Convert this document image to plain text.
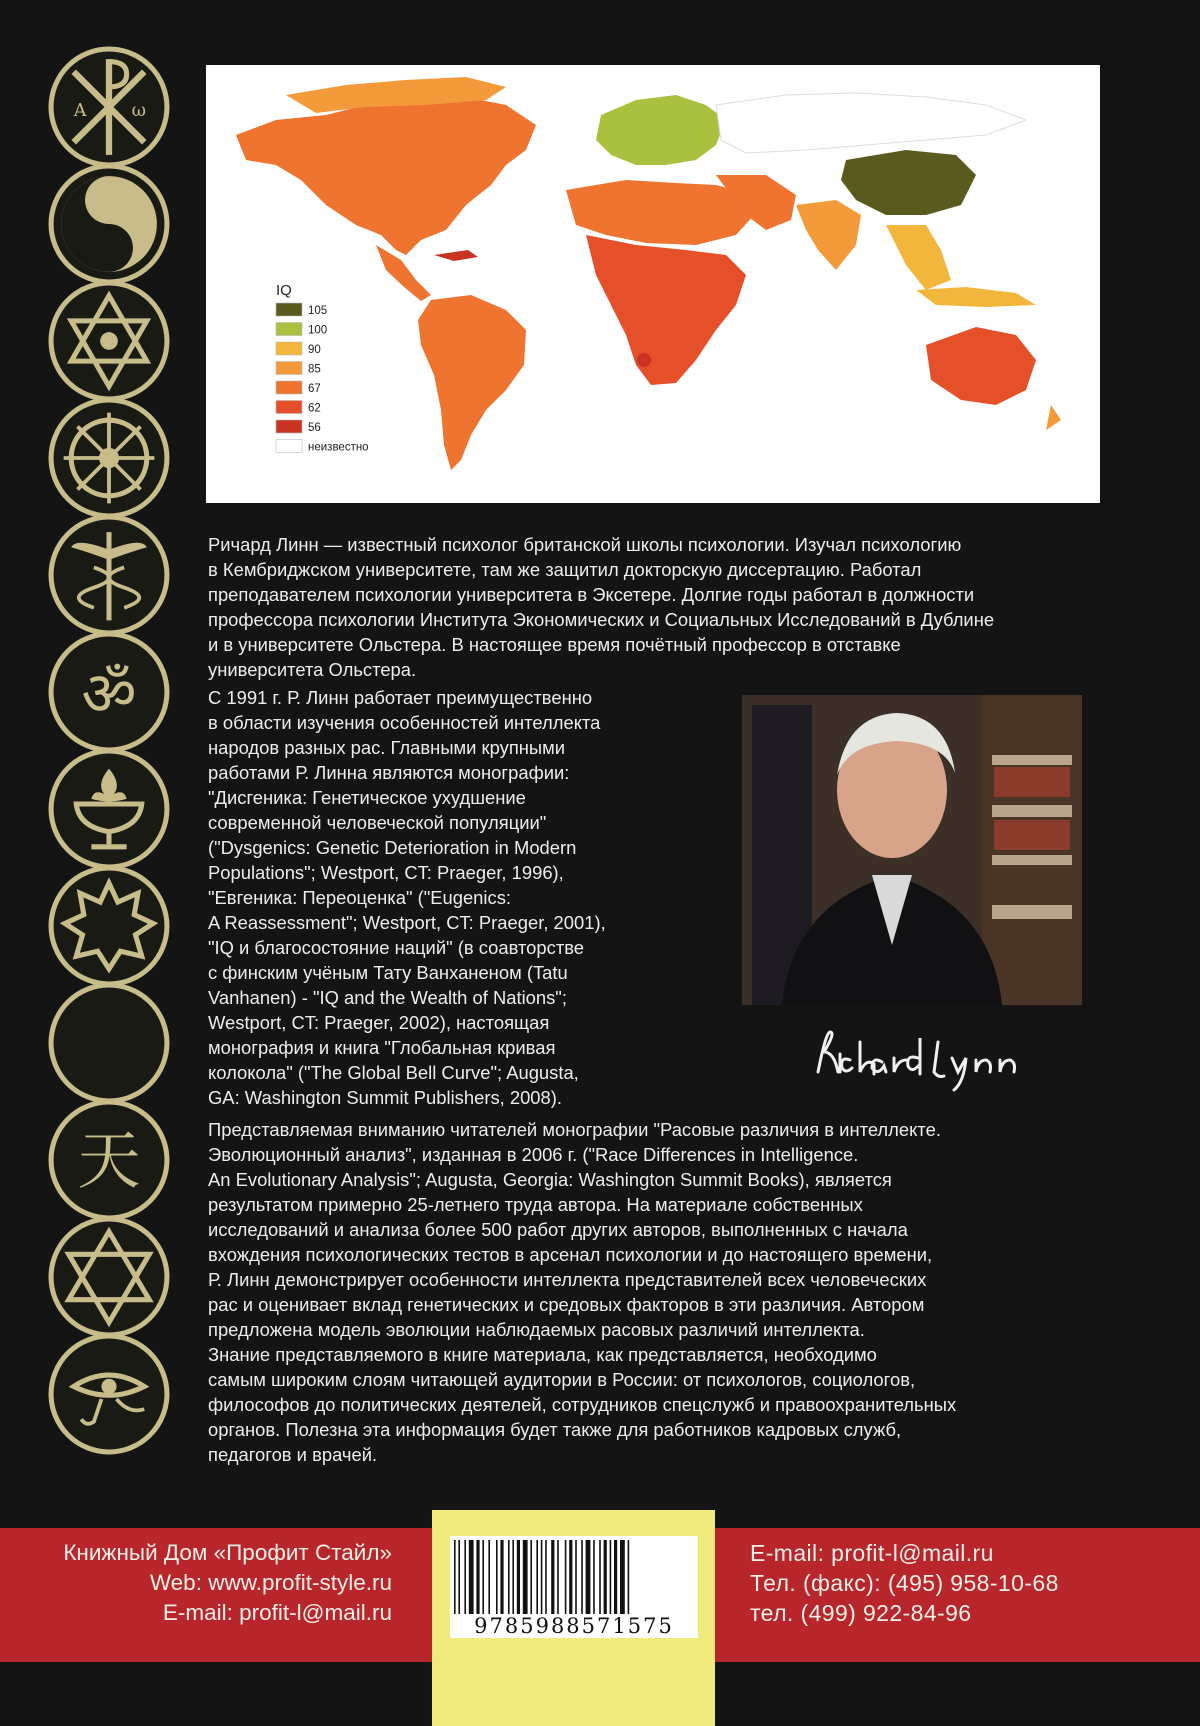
A	ω
ॐ
天
IQ
105
100
90
85
67
62
56
неизвестно
Ричард Линн — известный психолог британской школы психологии. Изучал психологию
в Кембриджском университете, там же защитил докторскую диссертацию. Работал
преподавателем психологии университета в Эксетере. Долгие годы работал в должности
профессора психологии Института Экономических и Социальных Исследований в Дублине
и в университете Ольстера. В настоящее время почётный профессор в отставке
университета Ольстера.
С 1991 г. Р. Линн работает преимущественно
в области изучения особенностей интеллекта
народов разных рас. Главными крупными
работами Р. Линна являются монографии:
"Дисгеника: Генетическое ухудшение
современной человеческой популяции"
("Dysgenics: Genetic Deterioration in Modern
Populations"; Westport, CT: Praeger, 1996),
"Евгеника: Переоценка" ("Eugenics:
A Reassessment"; Westport, CT: Praeger, 2001),
"IQ и благосостояние наций" (в соавторстве
с финским учёным Тату Ванханеном (Tatu
Vanhanen) - "IQ and the Wealth of Nations";
Westport, CT: Praeger, 2002), настоящая
монография и книга "Глобальная кривая
колокола" ("The Global Bell Curve"; Augusta,
GA: Washington Summit Publishers, 2008).
Представляемая вниманию читателей монографии "Расовые различия в интеллекте.
Эволюционный анализ", изданная в 2006 г. ("Race Differences in Intelligence.
An Evolutionary Analysis"; Augusta, Georgia: Washington Summit Books), является
результатом примерно 25-летнего труда автора. На материале собственных
исследований и анализа более 500 работ других авторов, выполненных с начала
вхождения психологических тестов в арсенал психологии и до настоящего времени,
Р. Линн демонстрирует особенности интеллекта представителей всех человеческих
рас и оценивает вклад генетических и средовых факторов в эти различия. Автором
предложена модель эволюции наблюдаемых расовых различий интеллекта.
Знание представляемого в книге материала, как представляется, необходимо
самым широким слоям читающей аудитории в России: от психологов, социологов,
философов до политических деятелей, сотрудников спецслужб и правоохранительных
органов. Полезна эта информация будет также для работников кадровых служб,
педагогов и врачей.
Книжный Дом «Профит Стайл»
Web: www.profit-style.ru
E-mail: profit-l@mail.ru
E-mail: profit-l@mail.ru
Тел. (факс): (495) 958-10-68
тел. (499) 922-84-96
9785988571575
